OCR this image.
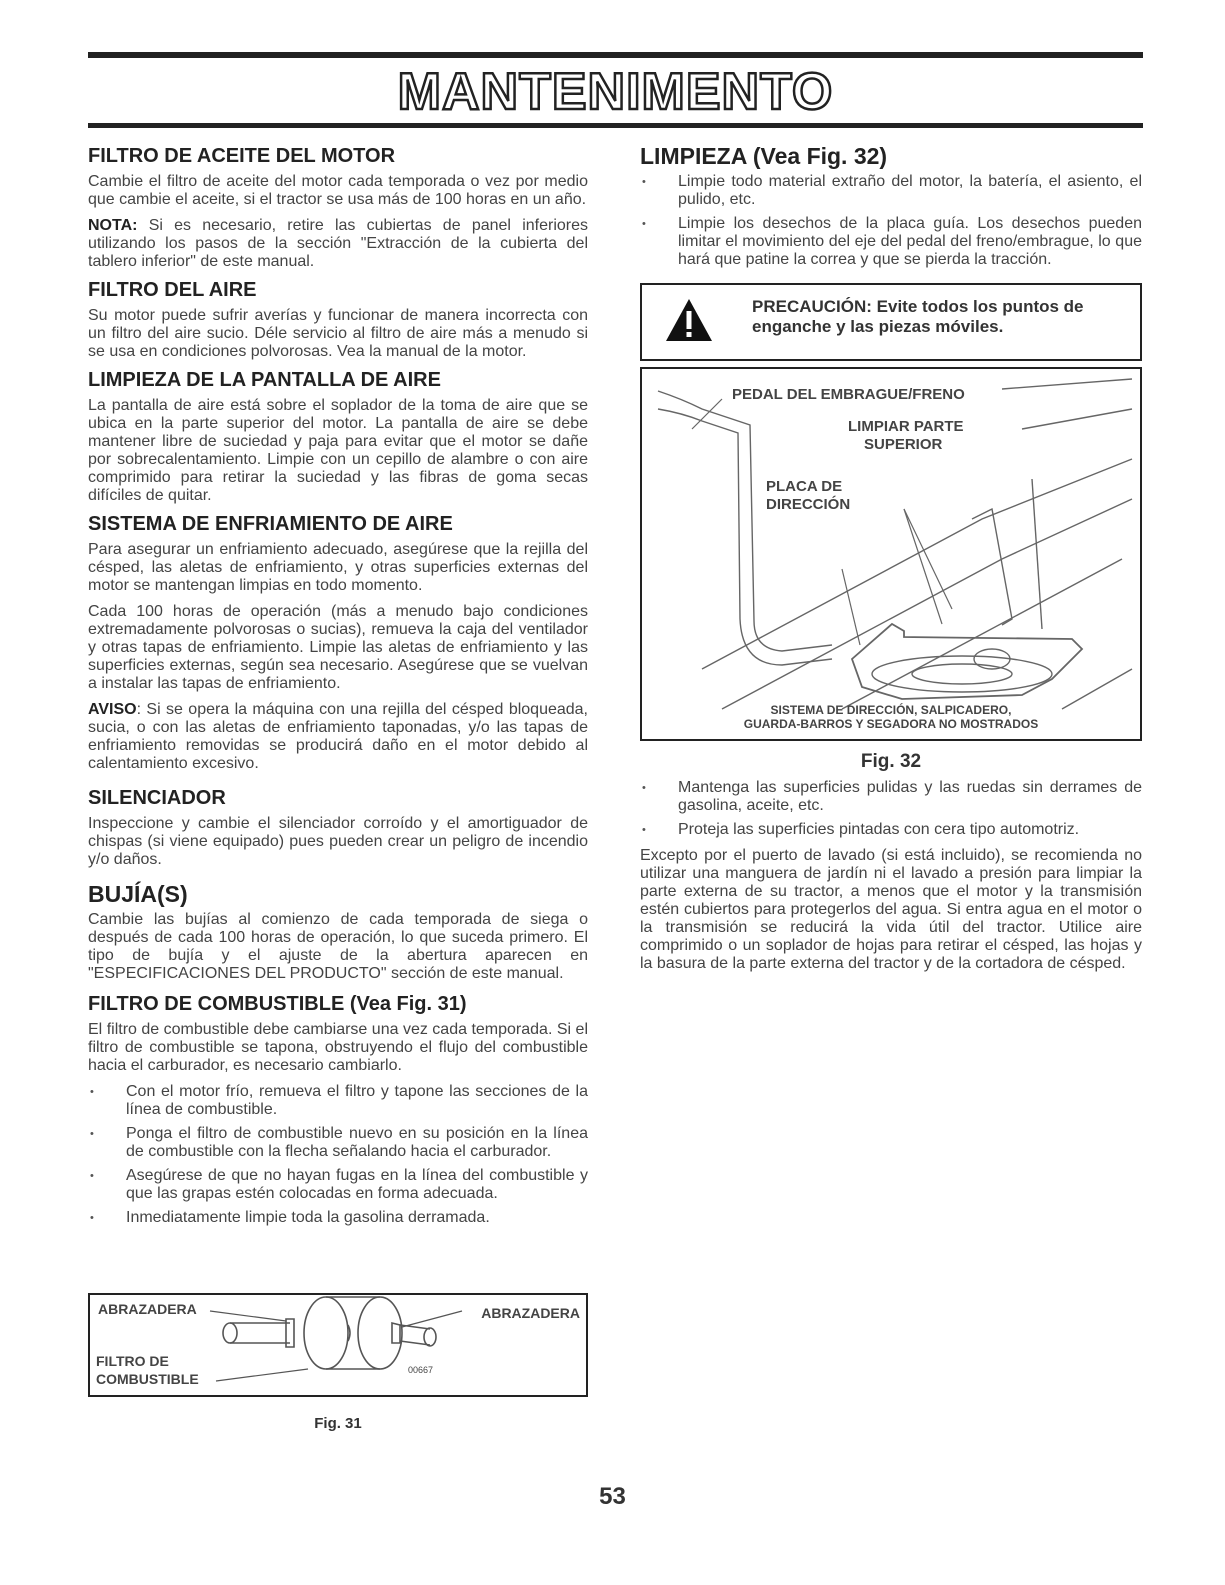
MANTENIMENTO
FILTRO DE ACEITE DEL MOTOR

Cambie el filtro de aceite del motor cada temporada o vez por medio que cambie el aceite, si el tractor se usa más de 100 horas en un año.

NOTA: Si es necesario, retire las cubiertas de panel inferiores utilizando los pasos de la sección "Extracción de la cubierta del tablero inferior" de este manual.

FILTRO DEL AIRE

Su motor puede sufrir averías y funcionar de manera incorrecta con un filtro del aire sucio. Déle servicio al filtro de aire más a menudo si se usa en condiciones polvorosas. Vea la manual de la motor.

LIMPIEZA DE LA PANTALLA DE AIRE

La pantalla de aire está sobre el soplador de la toma de aire que se ubica en la parte superior del motor. La pantalla de aire se debe mantener libre de suciedad y paja para evitar que el motor se dañe por sobrecalentamiento. Limpie con un cepillo de alambre o con aire comprimido para retirar la suciedad y las fibras de goma secas difíciles de quitar.

SISTEMA DE ENFRIAMIENTO DE AIRE

Para asegurar un enfriamiento adecuado, asegúrese que la rejilla del césped, las aletas de enfriamiento, y otras superficies externas del motor se mantengan limpias en todo momento.

Cada 100 horas de operación (más a menudo bajo condiciones extremadamente polvorosas o sucias), remueva la caja del ventilador y otras tapas de enfriamiento. Limpie las aletas de enfriamiento y las superficies externas, según sea necesario. Asegúrese que se vuelvan a instalar las tapas de enfriamiento.

AVISO: Si se opera la máquina con una rejilla del césped bloqueada, sucia, o con las aletas de enfriamiento taponadas, y/o las tapas de enfriamiento removidas se producirá daño en el motor debido al calentamiento excesivo.

SILENCIADOR

Inspeccione y cambie el silenciador corroído y el amortiguador de chispas (si viene equipado) pues pueden crear un peligro de incendio y/o daños.

BUJÍA(S)

Cambie las bujías al comienzo de cada temporada de siega o después de cada 100 horas de operación, lo que suceda primero. El tipo de bujía y el ajuste de la abertura aparecen en "ESPECIFICACIONES DEL PRODUCTO" sección de este manual.

FILTRO DE COMBUSTIBLE (Vea Fig. 31)

El filtro de combustible debe cambiarse una vez cada temporada. Si el filtro de combustible se tapona, obstruyendo el flujo del combustible hacia el carburador, es necesario cambiarlo.

• Con el motor frío, remueva el filtro y tapone las secciones de la línea de combustible.
• Ponga el filtro de combustible nuevo en su posición en la línea de combustible con la flecha señalando hacia el carburador.
• Asegúrese de que no hayan fugas en la línea del combustible y que las grapas estén colocadas en forma adecuada.
• Inmediatamente limpie toda la gasolina derramada.
ABRAZADERA	ABRAZADERA
FILTRO DE
COMBUSTIBLE
00667
Fig. 31
LIMPIEZA (Vea Fig. 32)
• Limpie todo material extraño del motor, la batería, el asiento, el pulido, etc.
• Limpie los desechos de la placa guía. Los desechos pueden limitar el movimiento del eje del pedal del freno/embrague, lo que hará que patine la correa y que se pierda la tracción.
PRECAUCIÓN: Evite todos los puntos de
enganche y las piezas móviles.
PEDAL DEL EMBRAGUE/FRENO
LIMPIAR PARTE
SUPERIOR
PLACA DE
DIRECCIÓN
SISTEMA DE DIRECCIÓN, SALPICADERO,
GUARDA-BARROS Y SEGADORA NO MOSTRADOS
Fig. 32
• Mantenga las superficies pulidas y las ruedas sin derrames de gasolina, aceite, etc.
• Proteja las superficies pintadas con cera tipo automotriz.

Excepto por el puerto de lavado (si está incluido), se recomienda no utilizar una manguera de jardín ni el lavado a presión para limpiar la parte externa de su tractor, a menos que el motor y la transmisión estén cubiertos para protegerlos del agua. Si entra agua en el motor o la transmisión se reducirá la vida útil del tractor. Utilice aire comprimido o un soplador de hojas para retirar el césped, las hojas y la basura de la parte externa del tractor y de la cortadora de césped.

53
